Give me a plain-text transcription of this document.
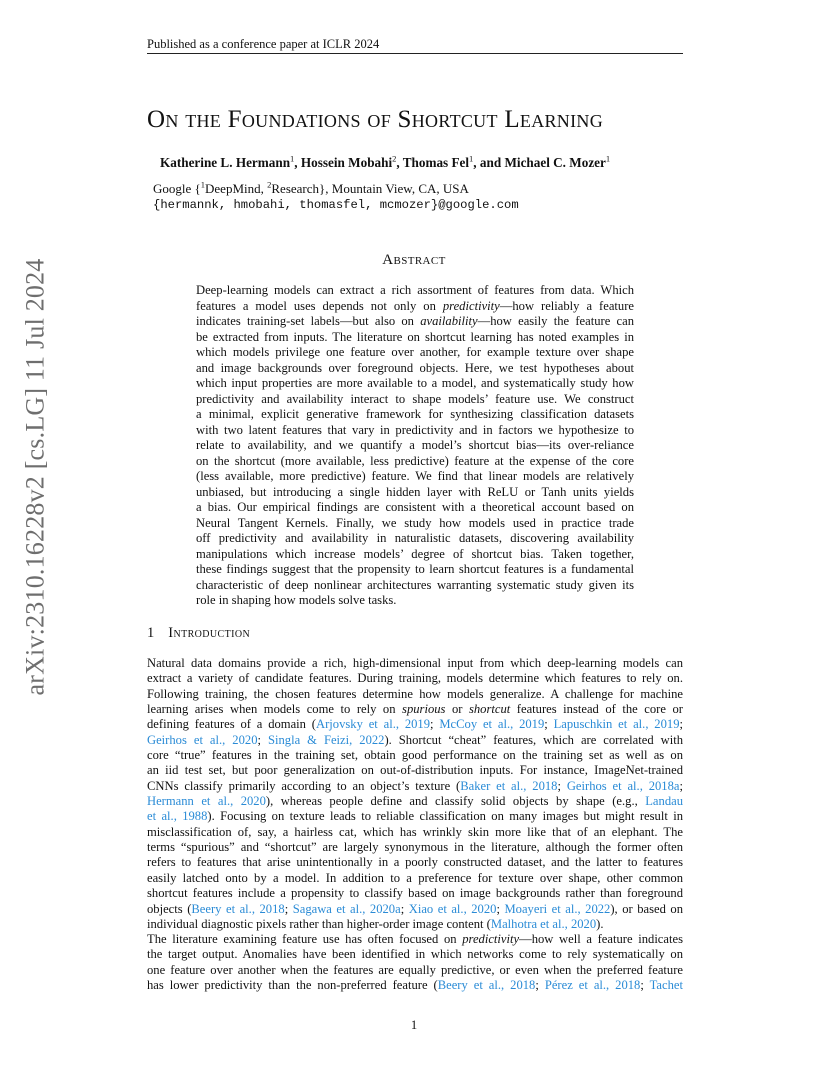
Published as a conference paper at ICLR 2024
arXiv:2310.16228v2 [cs.LG] 11 Jul 2024
On the Foundations of Shortcut Learning
Katherine L. Hermann$^1$, Hossein Mobahi$^2$, Thomas Fel$^1$, and Michael C. Mozer$^1$
Google {$^1$DeepMind, $^2$Research}, Mountain View, CA, USA
{hermannk, hmobahi, thomasfel, mcmozer}@google.com
Abstract
Deep-learning models can extract a rich assortment of features from data. Which
features a model uses depends not only on predictivity—how reliably a feature
indicates training-set labels—but also on availability—how easily the feature can
be extracted from inputs. The literature on shortcut learning has noted examples in
which models privilege one feature over another, for example texture over shape
and image backgrounds over foreground objects. Here, we test hypotheses about
which input properties are more available to a model, and systematically study how
predictivity and availability interact to shape models’ feature use. We construct
a minimal, explicit generative framework for synthesizing classification datasets
with two latent features that vary in predictivity and in factors we hypothesize to
relate to availability, and we quantify a model’s shortcut bias—its over-reliance
on the shortcut (more available, less predictive) feature at the expense of the core
(less available, more predictive) feature. We find that linear models are relatively
unbiased, but introducing a single hidden layer with ReLU or Tanh units yields
a bias. Our empirical findings are consistent with a theoretical account based on
Neural Tangent Kernels. Finally, we study how models used in practice trade
off predictivity and availability in naturalistic datasets, discovering availability
manipulations which increase models’ degree of shortcut bias. Taken together,
these findings suggest that the propensity to learn shortcut features is a fundamental
characteristic of deep nonlinear architectures warranting systematic study given its
role in shaping how models solve tasks.
1 Introduction
Natural data domains provide a rich, high-dimensional input from which deep-learning models can
extract a variety of candidate features. During training, models determine which features to rely on.
Following training, the chosen features determine how models generalize. A challenge for machine
learning arises when models come to rely on spurious or shortcut features instead of the core or
defining features of a domain (Arjovsky et al., 2019; McCoy et al., 2019; Lapuschkin et al., 2019;
Geirhos et al., 2020; Singla & Feizi, 2022). Shortcut “cheat” features, which are correlated with
core “true” features in the training set, obtain good performance on the training set as well as on
an iid test set, but poor generalization on out-of-distribution inputs. For instance, ImageNet-trained
CNNs classify primarily according to an object’s texture (Baker et al., 2018; Geirhos et al., 2018a;
Hermann et al., 2020), whereas people define and classify solid objects by shape (e.g., Landau
et al., 1988). Focusing on texture leads to reliable classification on many images but might result in
misclassification of, say, a hairless cat, which has wrinkly skin more like that of an elephant. The
terms “spurious” and “shortcut” are largely synonymous in the literature, although the former often
refers to features that arise unintentionally in a poorly constructed dataset, and the latter to features
easily latched onto by a model. In addition to a preference for texture over shape, other common
shortcut features include a propensity to classify based on image backgrounds rather than foreground
objects (Beery et al., 2018; Sagawa et al., 2020a; Xiao et al., 2020; Moayeri et al., 2022), or based on
individual diagnostic pixels rather than higher-order image content (Malhotra et al., 2020).
The literature examining feature use has often focused on predictivity—how well a feature indicates
the target output. Anomalies have been identified in which networks come to rely systematically on
one feature over another when the features are equally predictive, or even when the preferred feature
has lower predictivity than the non-preferred feature (Beery et al., 2018; Pérez et al., 2018; Tachet
1
